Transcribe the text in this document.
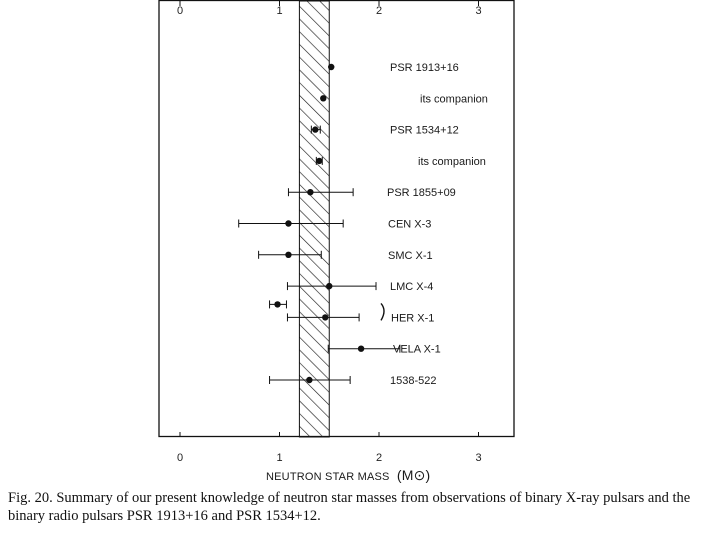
0
0
1
1
2
2
3
3
PSR 1913+16
its companion
PSR 1534+12
its companion
PSR 1855+09
CEN X-3
SMC X-1
LMC X-4
HER X-1
VELA X-1
1538-522
NEUTRON STAR MASS (M⊙)

Fig. 20. Summary of our present knowledge of neutron star masses from observations of binary X-ray pulsars and the binary radio pulsars PSR 1913+16 and PSR 1534+12.
